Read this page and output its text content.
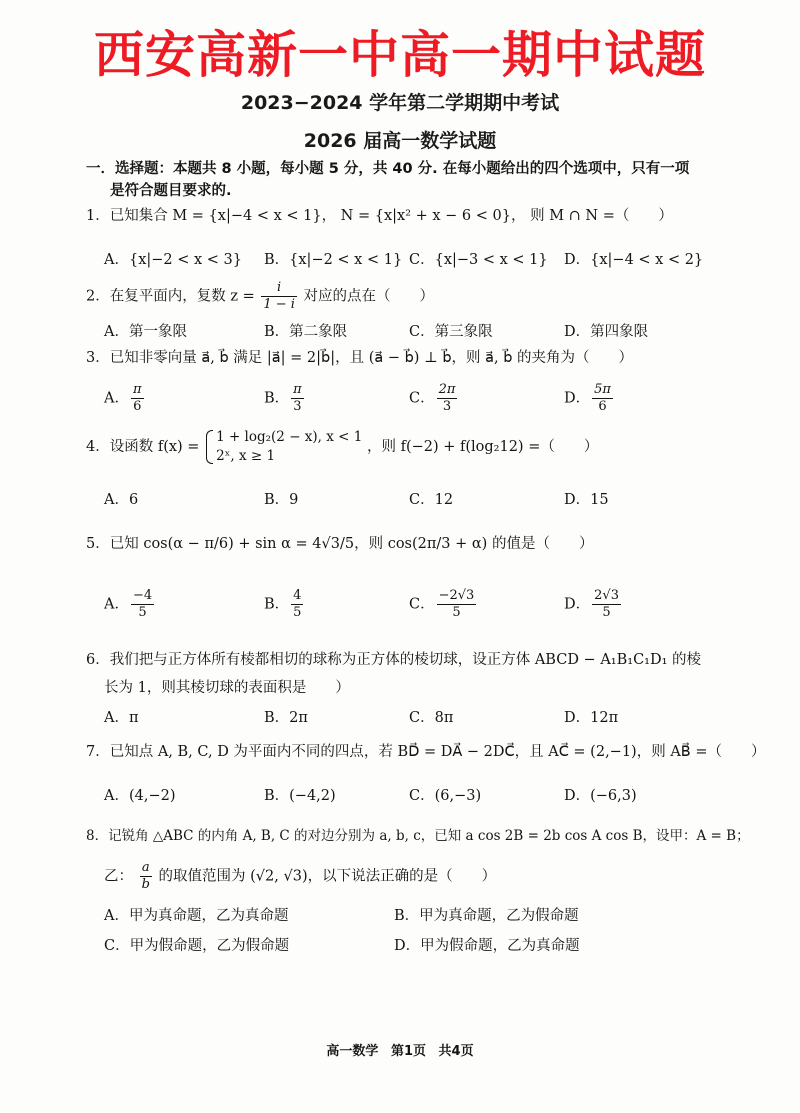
西安高新一中高一期中试题
2023−2024 学年第二学期期中考试
2026 届高一数学试题
一．选择题：本题共 8 小题，每小题 5 分，共 40 分. 在每小题给出的四个选项中，只有一项
是符合题目要求的.
1．已知集合 M = {x|−4 < x < 1}， N = {x|x² + x − 6 < 0}， 则 M ∩ N =（　　）
A．{x|−2 < x < 3} B．{x|−2 < x < 1} C．{x|−3 < x < 1} D．{x|−4 < x < 2}
2．在复平面内，复数 $z = \frac{i}{1 - i}$ 对应的点在（　　）
A．第一象限	B．第二象限	C．第三象限	D．第四象限
3．已知非零向量 a⃗, b⃗ 满足 |a⃗| = 2|b⃗|，且 (a⃗ − b⃗) ⊥ b⃗，则 a⃗, b⃗ 的夹角为（　　）
A． $\frac{\pi}{6}$	B． $\frac{\pi}{3}$	C． $\frac{2\pi}{3}$	D． $\frac{5\pi}{6}$
4．设函数 f(x) =
1 + log₂(2 − x), x < 1
2ˣ, x ≥ 1
，则 f(−2) + f(log₂12) =（　　）
A．6	B．9	C．12	D．15
5．已知 cos(α − π/6) + sin α = 4√3/5，则 cos(2π/3 + α) 的值是（　　）
A． $\frac{-4}{5}$	B． $\frac{4}{5}$	C． $\frac{-2√3}{5}$	D． $\frac{2√3}{5}$
6．我们把与正方体所有棱都相切的球称为正方体的棱切球，设正方体 ABCD − A₁B₁C₁D₁ 的棱
长为 1，则其棱切球的表面积是　　）
A．π	B．2π	C．8π	D．12π
7．已知点 A, B, C, D 为平面内不同的四点，若 BD⃗ = DA⃗ − 2DC⃗，且 AC⃗ = (2,−1)，则 AB⃗ =（　　）
A．(4,−2)	B．(−4,2)	C．(6,−3)	D．(−6,3)
8．记锐角 △ABC 的内角 A, B, C 的对边分别为 a, b, c，已知 a cos 2B = 2b cos A cos B，设甲：A = B；
乙： $\frac{a}{b}$ 的取值范围为 (√2, √3)，以下说法正确的是（　　）
A．甲为真命题，乙为真命题	B．甲为真命题，乙为假命题
C．甲为假命题，乙为假命题	D．甲为假命题，乙为真命题
高一数学 第1页 共4页
